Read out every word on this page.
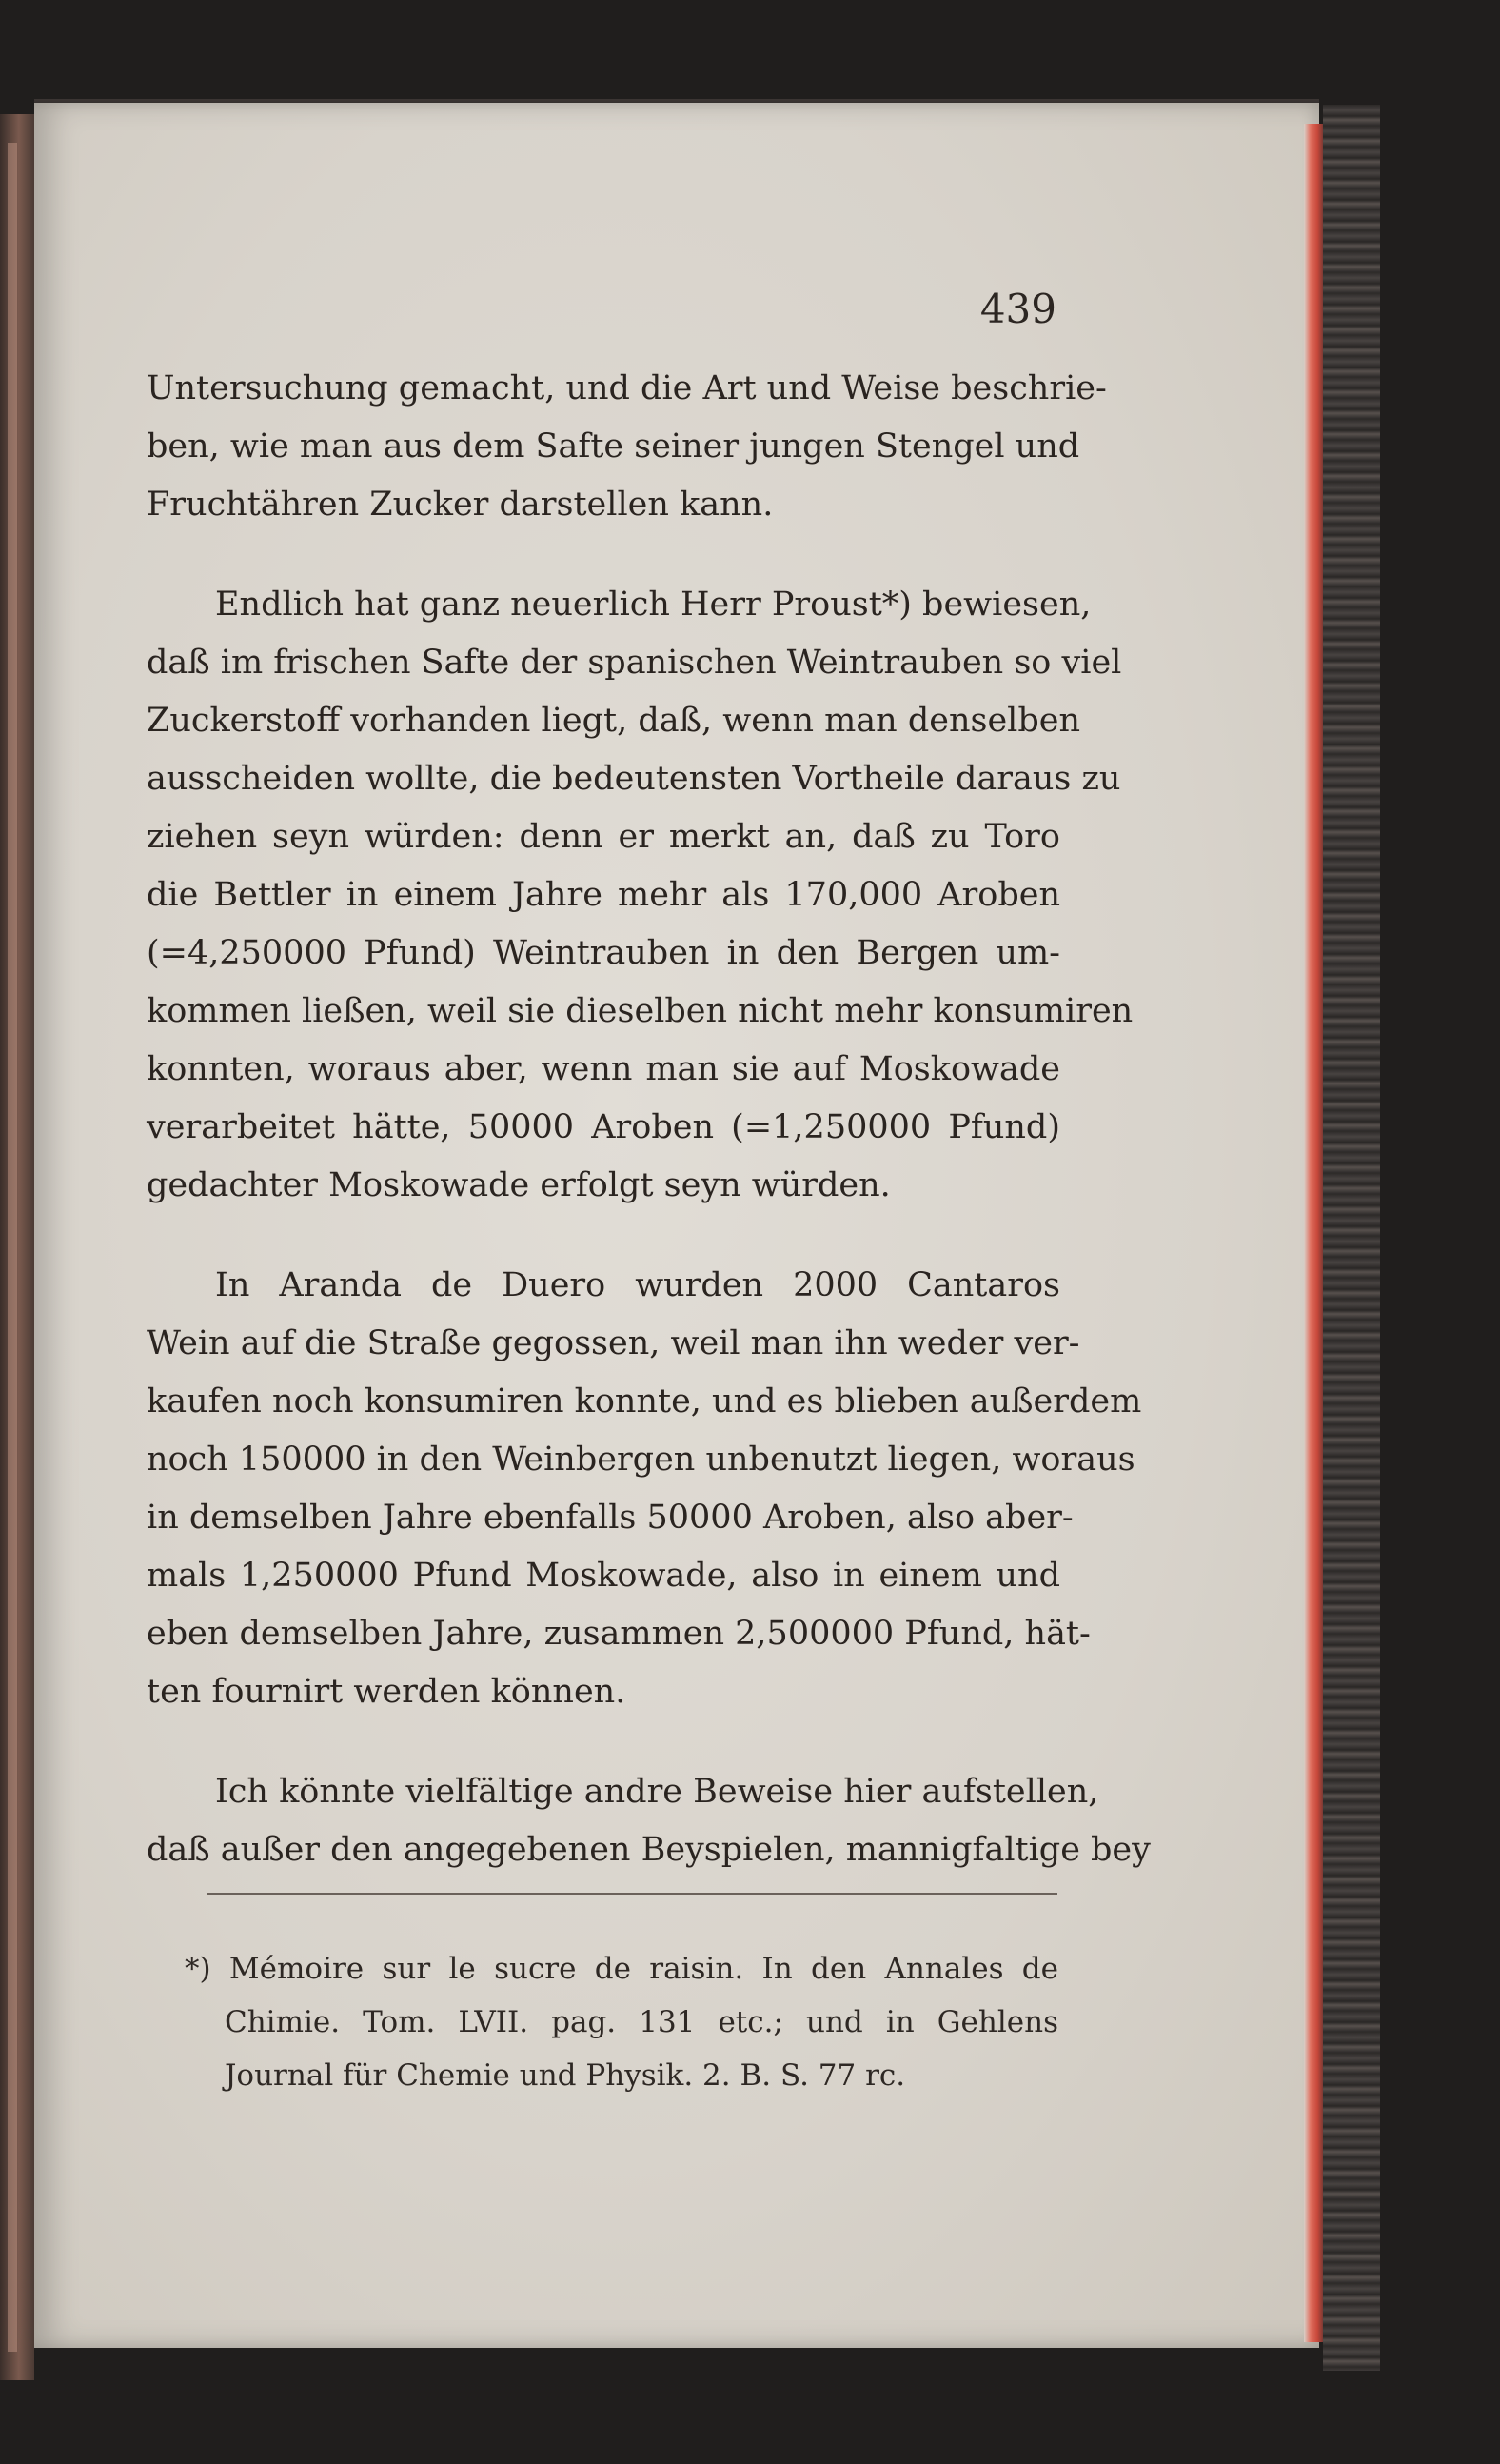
439
Untersuchung gemacht, und die Art und Weise beschrie-
ben, wie man aus dem Safte seiner jungen Stengel und
Fruchtähren Zucker darstellen kann.
Endlich hat ganz neuerlich Herr Proust*) bewiesen,
daß im frischen Safte der spanischen Weintrauben so viel
Zuckerstoff vorhanden liegt, daß, wenn man denselben
ausscheiden wollte, die bedeutensten Vortheile daraus zu
ziehen seyn würden: denn er merkt an, daß zu Toro
die Bettler in einem Jahre mehr als 170,000 Aroben
(=4,250000 Pfund) Weintrauben in den Bergen um-
kommen ließen, weil sie dieselben nicht mehr konsumiren
konnten, woraus aber, wenn man sie auf Moskowade
verarbeitet hätte, 50000 Aroben (=1,250000 Pfund)
gedachter Moskowade erfolgt seyn würden.
In Aranda de Duero wurden 2000 Cantaros
Wein auf die Straße gegossen, weil man ihn weder ver-
kaufen noch konsumiren konnte, und es blieben außerdem
noch 150000 in den Weinbergen unbenutzt liegen, woraus
in demselben Jahre ebenfalls 50000 Aroben, also aber-
mals 1,250000 Pfund Moskowade, also in einem und
eben demselben Jahre, zusammen 2,500000 Pfund, hät-
ten fournirt werden können.
Ich könnte vielfältige andre Beweise hier aufstellen,
daß außer den angegebenen Beyspielen, mannigfaltige bey
*) Mémoire sur le sucre de raisin. In den Annales de
Chimie. Tom. LVII. pag. 131 etc.; und in Gehlens
Journal für Chemie und Physik. 2. B. S. 77 rc.
